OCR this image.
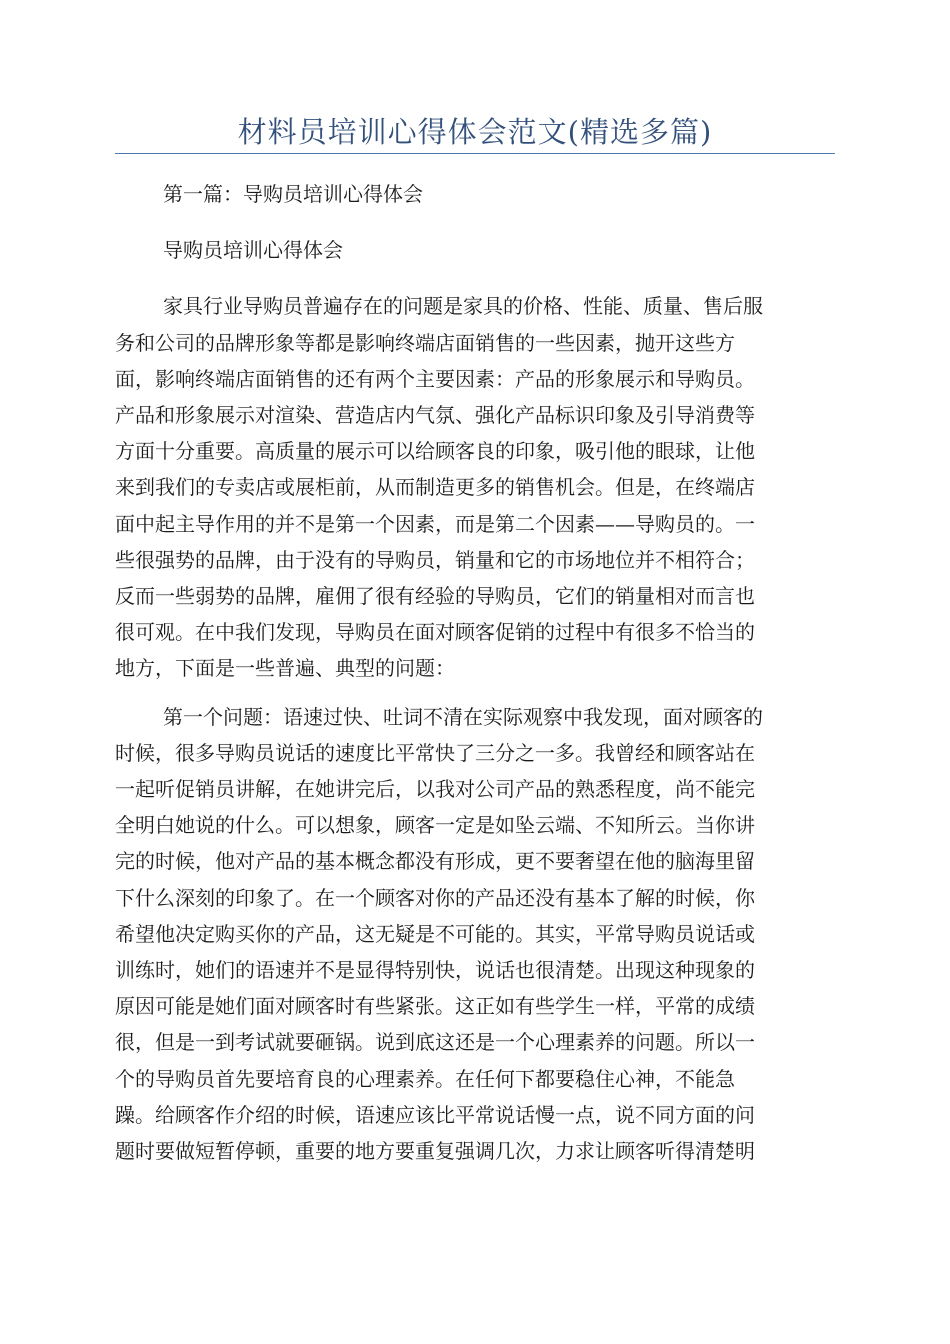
材料员培训心得体会范文(精选多篇)

第一篇：导购员培训心得体会

导购员培训心得体会

家具行业导购员普遍存在的问题是家具的价格、性能、质量、售后服
务和公司的品牌形象等都是影响终端店面销售的一些因素，抛开这些方
面，影响终端店面销售的还有两个主要因素：产品的形象展示和导购员。
产品和形象展示对渲染、营造店内气氛、强化产品标识印象及引导消费等
方面十分重要。高质量的展示可以给顾客良的印象，吸引他的眼球，让他
来到我们的专卖店或展柜前，从而制造更多的销售机会。但是，在终端店
面中起主导作用的并不是第一个因素，而是第二个因素——导购员的。一
些很强势的品牌，由于没有的导购员，销量和它的市场地位并不相符合；
反而一些弱势的品牌，雇佣了很有经验的导购员，它们的销量相对而言也
很可观。在中我们发现，导购员在面对顾客促销的过程中有很多不恰当的
地方，下面是一些普遍、典型的问题：

第一个问题：语速过快、吐词不清在实际观察中我发现，面对顾客的
时候，很多导购员说话的速度比平常快了三分之一多。我曾经和顾客站在
一起听促销员讲解，在她讲完后，以我对公司产品的熟悉程度，尚不能完
全明白她说的什么。可以想象，顾客一定是如坠云端、不知所云。当你讲
完的时候，他对产品的基本概念都没有形成，更不要奢望在他的脑海里留
下什么深刻的印象了。在一个顾客对你的产品还没有基本了解的时候，你
希望他决定购买你的产品，这无疑是不可能的。其实，平常导购员说话或
训练时，她们的语速并不是显得特别快，说话也很清楚。出现这种现象的
原因可能是她们面对顾客时有些紧张。这正如有些学生一样，平常的成绩
很，但是一到考试就要砸锅。说到底这还是一个心理素养的问题。所以一
个的导购员首先要培育良的心理素养。在任何下都要稳住心神，不能急
躁。给顾客作介绍的时候，语速应该比平常说话慢一点，说不同方面的问
题时要做短暂停顿，重要的地方要重复强调几次，力求让顾客听得清楚明
